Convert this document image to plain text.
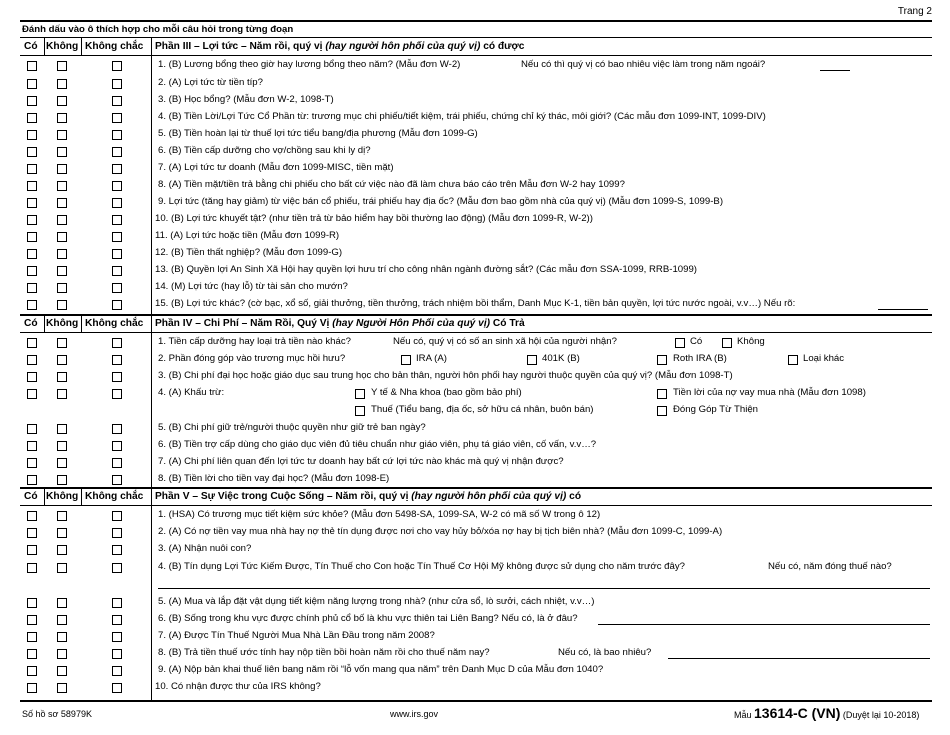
Trang 2
Đánh dấu vào ô thích hợp cho mỗi câu hỏi trong từng đoạn
Có Không Không chắc Phần III – Lợi tức – Năm rồi, quý vị (hay người hôn phối của quý vị) có được
1. (B) Lương bổng theo giờ hay lương bổng theo năm? (Mẫu đơn W-2)	Nếu có thì quý vị có bao nhiêu việc làm trong năm ngoái?
2. (A) Lợi tức từ tiền típ?
3. (B) Học bổng? (Mẫu đơn W-2, 1098-T)
4. (B) Tiền Lời/Lợi Tức Cổ Phần từ: trương mục chi phiếu/tiết kiệm, trái phiếu, chứng chỉ ký thác, môi giới? (Các mẫu đơn 1099-INT, 1099-DIV)
5. (B) Tiền hoàn lại từ thuế lợi tức tiểu bang/địa phương (Mẫu đơn 1099-G)
6. (B) Tiền cấp dưỡng cho vợ/chồng sau khi ly dị?
7. (A) Lợi tức tư doanh (Mẫu đơn 1099-MISC, tiền mặt)
8. (A) Tiền mặt/tiền trả bằng chi phiếu cho bất cứ việc nào đã làm chưa báo cáo trên Mẫu đơn W-2 hay 1099?
9. Lợi tức (tăng hay giảm) từ việc bán cổ phiếu, trái phiếu hay địa ốc? (Mẫu đơn bao gồm nhà của quý vị) (Mẫu đơn 1099-S, 1099-B)
10. (B) Lợi tức khuyết tật? (như tiền trả từ bảo hiểm hay bồi thường lao động) (Mẫu đơn 1099-R, W-2))
11. (A) Lợi tức hoặc tiền (Mẫu đơn 1099-R)
12. (B) Tiền thất nghiệp? (Mẫu đơn 1099-G)
13. (B) Quyền lợi An Sinh Xã Hội hay quyền lợi hưu trí cho công nhân ngành đường sắt? (Các mẫu đơn SSA-1099, RRB-1099)
14. (M) Lợi tức (hay lỗ) từ tài sản cho mướn?
15. (B) Lợi tức khác? (cờ bạc, xổ số, giải thưởng, tiền thưởng, trách nhiệm bồi thẩm, Danh Mục K-1, tiền bản quyền, lợi tức nước ngoài, v.v…) Nếu rõ:
Có Không Không chắc Phần IV – Chi Phí – Năm Rồi, Quý Vị (hay Người Hôn Phối của quý vị) Có Trả
1. Tiền cấp dưỡng hay loại trả tiền nào khác?	Nếu có, quý vị có số an sinh xã hội của người nhận?	Có	Không
2. Phần đóng góp vào trương mục hồi hưu?	IRA (A)	401K (B)	Roth IRA (B)	Loại khác
3. (B) Chi phí đại học hoặc giáo dục sau trung học cho bản thân, người hôn phối hay người thuộc quyền của quý vị? (Mẫu đơn 1098-T)
4. (A) Khấu trừ:	Y tế & Nha khoa (bao gồm bảo phí)	Tiền lời của nợ vay mua nhà (Mẫu đơn 1098)
Thuế (Tiểu bang, địa ốc, sở hữu cá nhân, buôn bán)	Đóng Góp Từ Thiện
5. (B) Chi phí giữ trẻ/người thuộc quyền như giữ trẻ ban ngày?
6. (B) Tiền trợ cấp dùng cho giáo dục viên đủ tiêu chuẩn như giáo viên, phụ tá giáo viên, cố vấn, v.v…?
7. (A) Chi phí liên quan đến lợi tức tư doanh hay bất cứ lợi tức nào khác mà quý vị nhận được?
8. (B) Tiền lời cho tiền vay đại học? (Mẫu đơn 1098-E)
Có Không Không chắc Phần V – Sự Việc trong Cuộc Sống – Năm rồi, quý vị (hay người hôn phối của quý vị) có
1. (HSA) Có trương mục tiết kiệm sức khỏe? (Mẫu đơn 5498-SA, 1099-SA, W-2 có mã số W trong ô 12)
2. (A) Có nợ tiền vay mua nhà hay nợ thẻ tín dụng được nơi cho vay hủy bỏ/xóa nợ hay bị tịch biên nhà? (Mẫu đơn 1099-C, 1099-A)
3. (A) Nhận nuôi con?
4. (B) Tín dụng Lợi Tức Kiếm Được, Tín Thuế cho Con hoặc Tín Thuế Cơ Hội Mỹ không được sử dụng cho năm trước đây?	Nếu có, năm đóng thuế nào?
5. (A) Mua và lắp đặt vật dụng tiết kiệm năng lượng trong nhà? (như cửa sổ, lò sưởi, cách nhiệt, v.v…)
6. (B) Sống trong khu vực được chính phủ cổ bố là khu vực thiên tai Liên Bang? Nếu có, là ở đâu?
7. (A) Được Tín Thuế Người Mua Nhà Lần Đầu trong năm 2008?
8. (B) Trả tiền thuế ước tính hay nộp tiền bồi hoàn năm rồi cho thuế năm nay?	Nếu có, là bao nhiêu?
9. (A) Nộp bản khai thuế liên bang năm rồi “lỗ vốn mang qua năm” trên Danh Mục D của Mẫu đơn 1040?
10. Có nhận được thư của IRS không?
Số hồ sơ 58979K	www.irs.gov	Mẫu 13614-C (VN) (Duyệt lại 10-2018)
